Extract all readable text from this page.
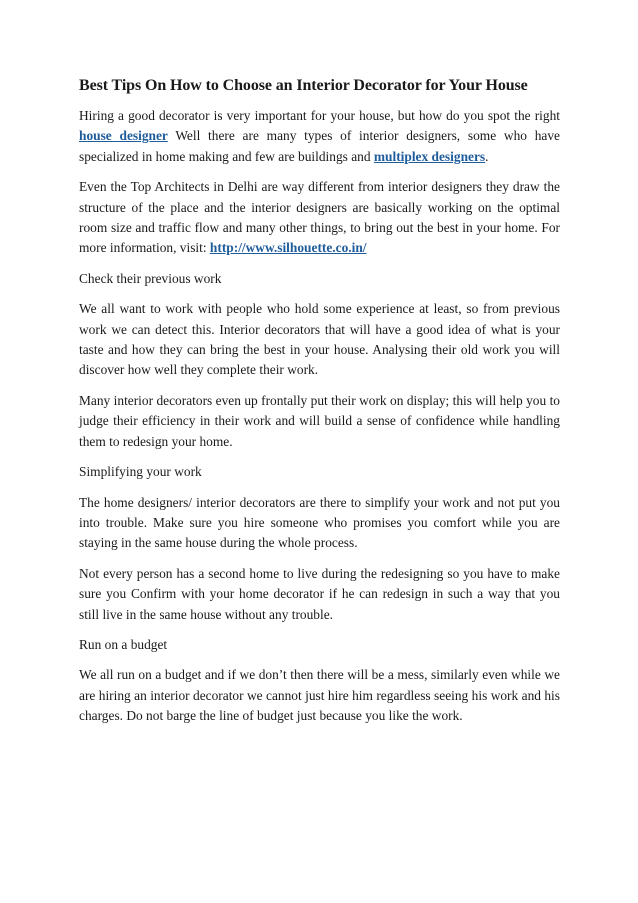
Best Tips On How to Choose an Interior Decorator for Your House

Hiring a good decorator is very important for your house, but how do you spot the right house designer Well there are many types of interior designers, some who have specialized in home making and few are buildings and multiplex designers.

Even the Top Architects in Delhi are way different from interior designers they draw the structure of the place and the interior designers are basically working on the optimal room size and traffic flow and many other things, to bring out the best in your home. For more information, visit: http://www.silhouette.co.in/

Check their previous work

We all want to work with people who hold some experience at least, so from previous work we can detect this. Interior decorators that will have a good idea of what is your taste and how they can bring the best in your house. Analysing their old work you will discover how well they complete their work.

Many interior decorators even up frontally put their work on display; this will help you to judge their efficiency in their work and will build a sense of confidence while handling them to redesign your home.

Simplifying your work

The home designers/ interior decorators are there to simplify your work and not put you into trouble. Make sure you hire someone who promises you comfort while you are staying in the same house during the whole process.

Not every person has a second home to live during the redesigning so you have to make sure you Confirm with your home decorator if he can redesign in such a way that you still live in the same house without any trouble.

Run on a budget

We all run on a budget and if we don’t then there will be a mess, similarly even while we are hiring an interior decorator we cannot just hire him regardless seeing his work and his charges. Do not barge the line of budget just because you like the work.
